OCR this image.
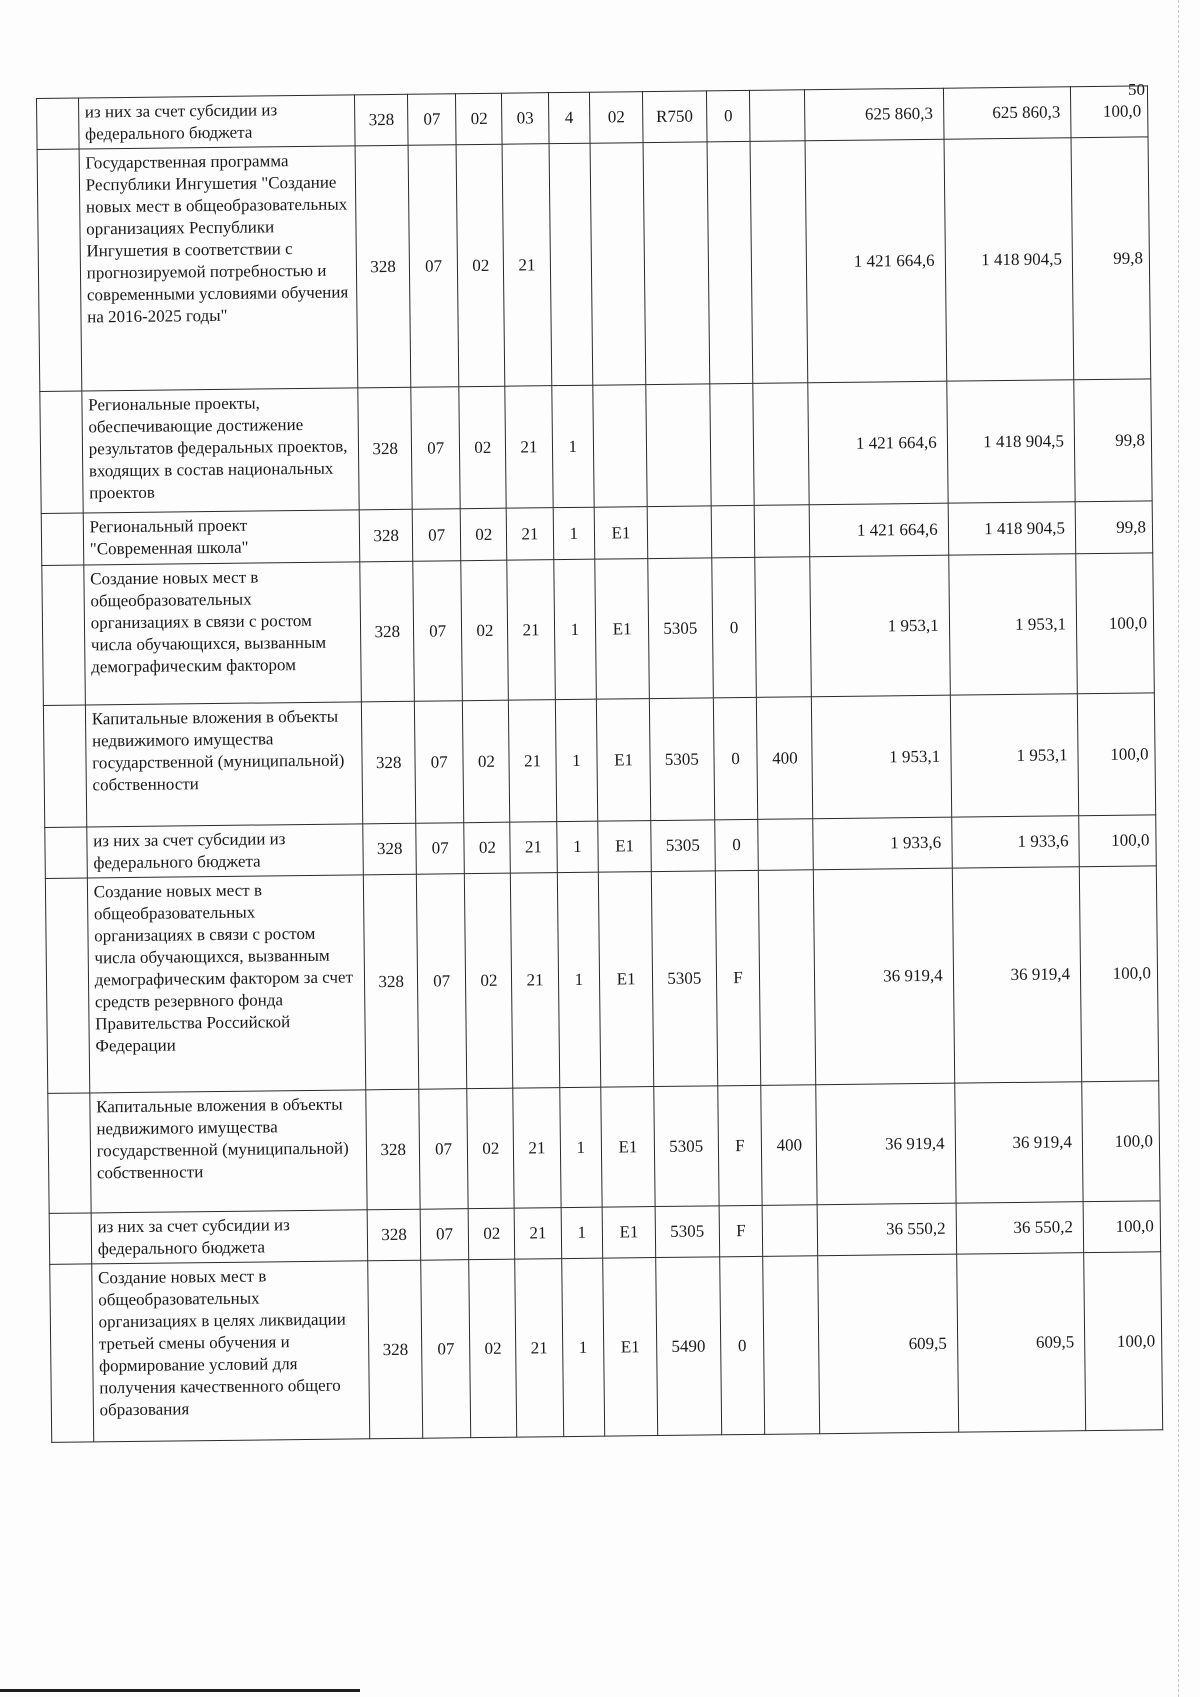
50
	из них за счет субсидии из федерального бюджета	328	07	02	03	4	02	R750	0		625 860,3	625 860,3	100,0
	Государственная программа Республики Ингушетия "Создание новых мест в общеобразовательных организациях Республики Ингушетия в соответствии с прогнозируемой потребностью и современными условиями обучения на 2016-2025 годы"	328	07	02	21						1 421 664,6	1 418 904,5	99,8
	Региональные проекты, обеспечивающие достижение результатов федеральных проектов, входящих в состав национальных проектов	328	07	02	21	1					1 421 664,6	1 418 904,5	99,8
	Региональный проект "Современная школа"	328	07	02	21	1	E1				1 421 664,6	1 418 904,5	99,8
	Создание новых мест в общеобразовательных организациях в связи с ростом числа обучающихся, вызванным демографическим фактором	328	07	02	21	1	E1	5305	0		1 953,1	1 953,1	100,0
	Капитальные вложения в объекты недвижимого имущества государственной (муниципальной) собственности	328	07	02	21	1	E1	5305	0	400	1 953,1	1 953,1	100,0
	из них за счет субсидии из федерального бюджета	328	07	02	21	1	E1	5305	0		1 933,6	1 933,6	100,0
	Создание новых мест в общеобразовательных организациях в связи с ростом числа обучающихся, вызванным демографическим фактором за счет средств резервного фонда Правительства Российской Федерации	328	07	02	21	1	E1	5305	F		36 919,4	36 919,4	100,0
	Капитальные вложения в объекты недвижимого имущества государственной (муниципальной) собственности	328	07	02	21	1	E1	5305	F	400	36 919,4	36 919,4	100,0
	из них за счет субсидии из федерального бюджета	328	07	02	21	1	E1	5305	F		36 550,2	36 550,2	100,0
	Создание новых мест в общеобразовательных организациях в целях ликвидации третьей смены обучения и формирование условий для получения качественного общего образования	328	07	02	21	1	E1	5490	0		609,5	609,5	100,0
